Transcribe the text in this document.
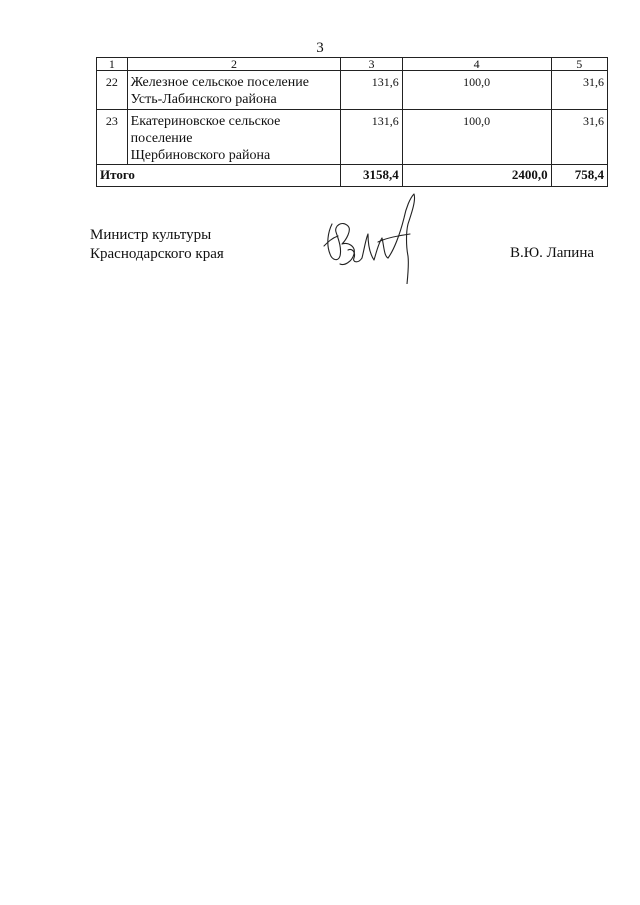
3
1	2	3	4	5
22	Железное сельское поселение
Усть-Лабинского района	131,6	100,0	31,6
23	Екатериновское сельское
поселение
Щербиновского района	131,6	100,0	31,6
Итого		3158,4	2400,0	758,4
Министр культуры
Краснодарского края	В.Ю. Лапина
